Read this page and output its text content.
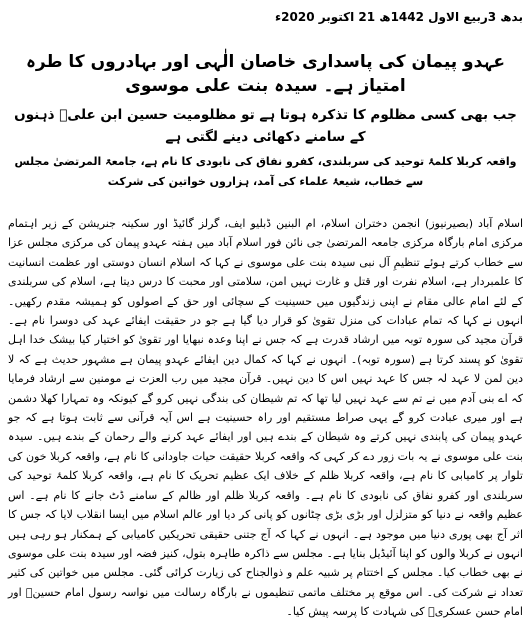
بدھ 3ربیع الاول 1442ھ 21 اکتوبر 2020ء
عہدو پیمان کی پاسداری خاصان الٰہی اور بہادروں کا طرہ امتیاز ہے۔ سیدہ بنت علی موسوی
جب بھی کسی مظلوم کا تذکرہ ہوتا ہے تو مظلومیت حسین ابن علیؑ ذہنوں کے سامنے دکھائی دینے لگتی ہے
واقعہ کربلا کلمۂ توحید کی سربلندی، کفرو نفاق کی نابودی کا نام ہے، جامعۃ المرتضیٰ مجلس سے خطاب، شیعۂ علماء کی آمد، ہزاروں خواتین کی شرکت

اسلام آباد (بصیرنیوز) انجمن دختران اسلام، ام البنین ڈبلیو ایف، گرلز گائیڈ اور سکینہ جنریشن کے زیر اہتمام مرکزی امام بارگاہ مرکزی جامعہ المرتضیٰ جی نائن فور اسلام آباد میں ہفتہ عہدو پیمان کی مرکزی مجلس عزا سے خطاب کرتے ہوئے تنظیمِ آل نبی سیدہ بنت علی موسوی نے کہا کہ اسلام انسان دوستی اور عظمت انسانیت کا علمبردار ہے، اسلام نفرت اور قتل و غارت نہیں امن، سلامتی اور محبت کا درس دیتا ہے، اسلام کی سربلندی کے لئے امام عالی مقام نے اپنی زندگیوں میں حسینیت کے سچائی اور حق کے اصولوں کو ہمیشہ مقدم رکھیں۔ انہوں نے کہا کہ تمام عبادات کی منزل تقویٰ کو قرار دیا گیا ہے جو در حقیقت ایفائے عہد کی دوسرا نام ہے۔ قرآن مجید کی سورہ توبہ میں ارشاد قدرت ہے کہ جس نے اپنا وعدہ نبھایا اور تقویٰ کو اختیار کیا بیشک خدا اہل تقویٰ کو پسند کرتا ہے (سورہ توبہ)۔ انہوں نے کہا کہ کمال دین ایفائے عہدو پیمان ہے مشہور حدیث ہے کہ لا دین لمن لا عہد لہ جس کا عہد نہیں اس کا دین نہیں۔ قرآن مجید میں رب العزت نے مومنین سے ارشاد فرمایا کہ اے بنی آدم میں نے تم سے عہد نہیں لیا تھا کہ تم شیطان کی بندگی نہیں کرو گے کیونکہ وہ تمہارا کھلا دشمن ہے اور میری عبادت کرو گے یہی صراط مستقیم اور راہ حسینیت ہے اس آیہ قرآنی سے ثابت ہوتا ہے کہ جو عہدو پیمان کی پابندی نہیں کرتے وہ شیطان کے بندے ہیں اور ایفائے عہد کرنے والے رحمان کے بندے ہیں۔ سیدہ بنت علی موسوی نے یہ بات زور دے کر کہی کہ واقعہ کربلا حقیقت حیات جاودانی کا نام ہے، واقعہ کربلا خون کی تلوار پر کامیابی کا نام ہے، واقعہ کربلا ظلم کے خلاف ایک عظیم تحریک کا نام ہے، واقعہ کربلا کلمۂ توحید کی سربلندی اور کفرو نفاق کی نابودی کا نام ہے۔ واقعہ کربلا ظلم اور ظالم کے سامنے ڈٹ جانے کا نام ہے۔ اس عظیم واقعہ نے دنیا کو متزلزل اور بڑی بڑی چٹانوں کو پانی کر دیا اور عالم اسلام میں ایسا انقلاب لایا کہ جس کا اثر آج بھی پوری دنیا میں موجود ہے۔ انہوں نے کہا کہ آج جتنی حقیقی تحریکیں کامیابی کے ہمکنار ہو رہی ہیں انہوں نے کربلا والوں کو اپنا آئیڈیل بنایا ہے۔ مجلس سے ذاکرہ طاہرہ بتول، کنیز فضہ اور سیدہ بنت علی موسوی نے بھی خطاب کیا۔ مجلس کے اختتام پر شبیہ علم و ذوالجناح کی زیارت کرائی گئی۔ مجلس میں خواتین کی کثیر تعداد نے شرکت کی۔ اس موقع پر مختلف ماتمی تنظیموں نے بارگاہ رسالت میں نواسہ رسول امام حسینؑ اور امام حسن عسکریؑ کی شہادت کا پرسہ پیش کیا۔
